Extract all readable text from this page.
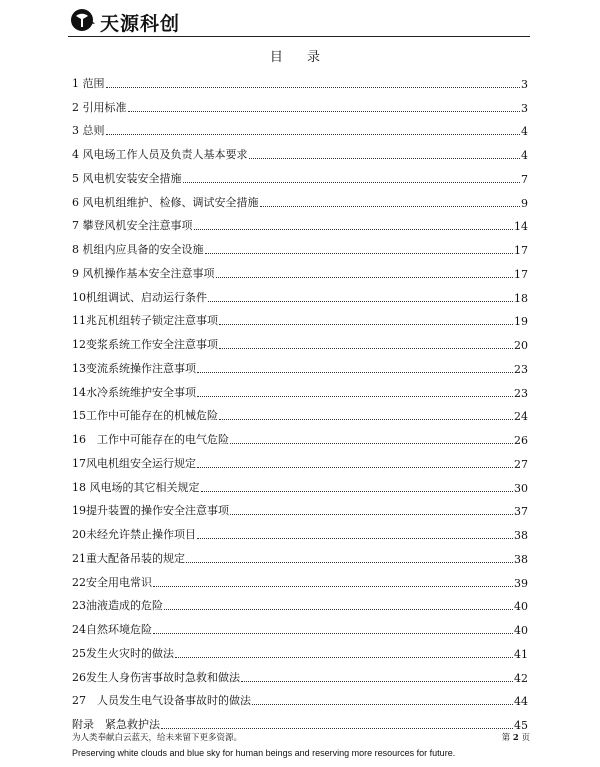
天源科创
目 录
1 范围	3
2 引用标准	3
3 总则	4
4 风电场工作人员及负责人基本要求	4
5 风电机安装安全措施	7
6 风电机组维护、检修、调试安全措施	9
7 攀登风机安全注意事项	14
8 机组内应具备的安全设施	17
9 风机操作基本安全注意事项	17
10机组调试、启动运行条件	18
11兆瓦机组转子锁定注意事项	19
12变浆系统工作安全注意事项	20
13变流系统操作注意事项	23
14水冷系统维护安全事项	23
15工作中可能存在的机械危险	24
16　工作中可能存在的电气危险	26
17风电机组安全运行规定	27
18 风电场的其它相关规定	30
19提升装置的操作安全注意事项	37
20未经允许禁止操作项目	38
21重大配备吊装的规定	38
22安全用电常识	39
23油液造成的危险	40
24自然环境危险	40
25发生火灾时的做法	41
26发生人身伤害事故时急救和做法	42
27　人员发生电气设备事故时的做法	44
附录　紧急救护法	45
为人类奉献白云蓝天，给未来留下更多资源。	第 2 页
Preserving white clouds and blue sky for human beings and reserving more resources for future.
